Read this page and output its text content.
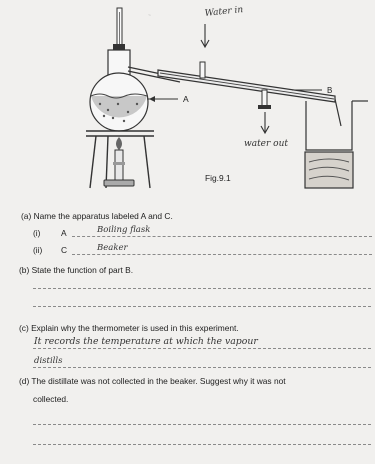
~
A
B
Water in
water out
Fig.9.1
(a) Name the apparatus labeled A and C.
(i) A	Boiling flask
(ii) C	Beaker
(b) State the function of part B.
(c) Explain why the thermometer is used in this experiment.
It records the temperature at which the vapour
distills
(d) The distillate was not collected in the beaker. Suggest why it was not
collected.
